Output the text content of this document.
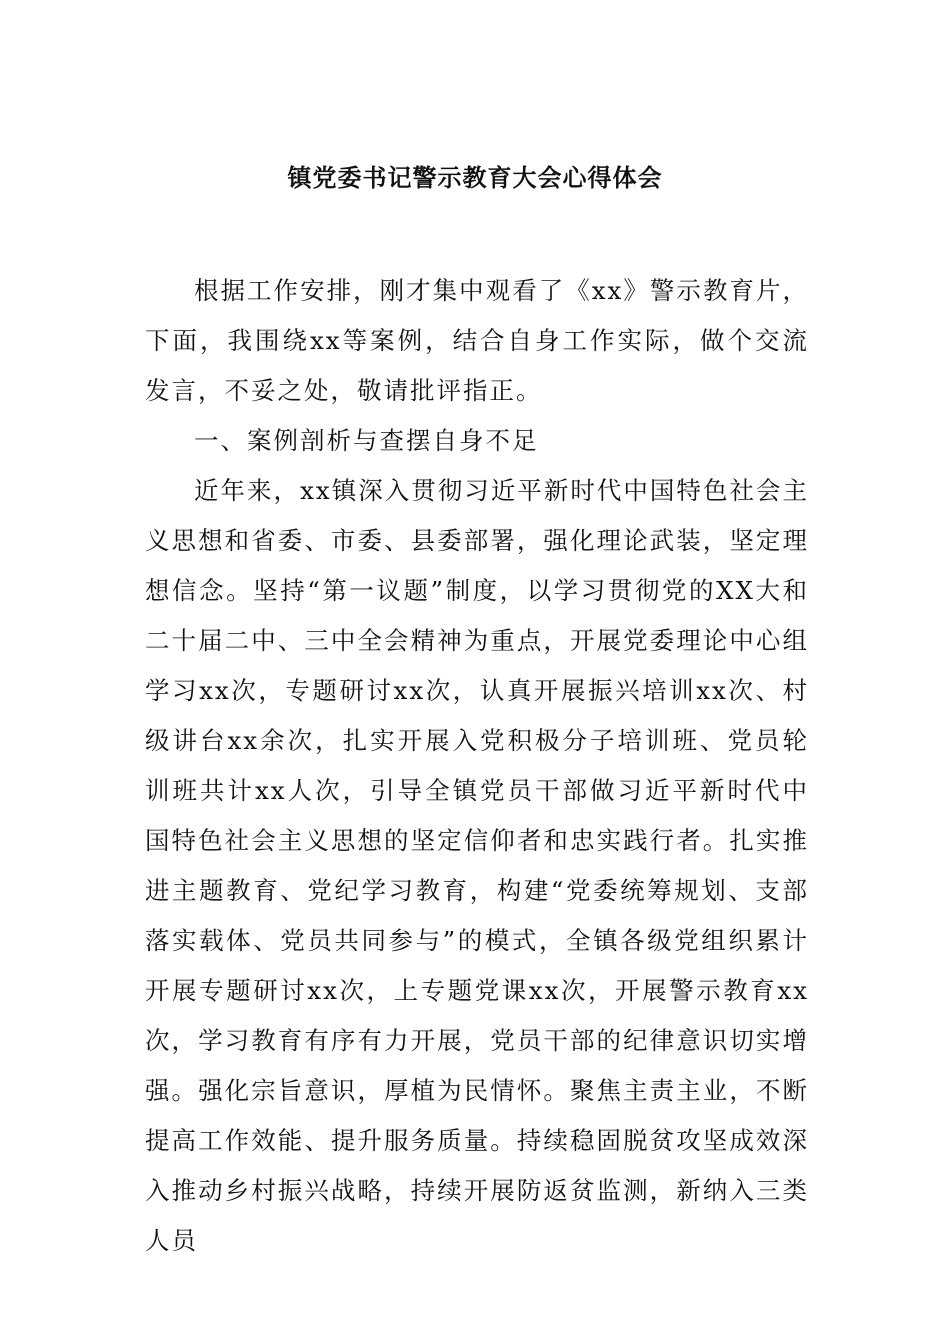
镇党委书记警示教育大会心得体会

根据工作安排，刚才集中观看了《xx》警示教育片，下面，我围绕xx等案例，结合自身工作实际，做个交流发言，不妥之处，敬请批评指正。

一、案例剖析与查摆自身不足

近年来，xx镇深入贯彻习近平新时代中国特色社会主义思想和省委、市委、县委部署，强化理论武装，坚定理想信念。坚持“第一议题”制度，以学习贯彻党的XX大和二十届二中、三中全会精神为重点，开展党委理论中心组学习xx次，专题研讨xx次，认真开展振兴培训xx次、村级讲台xx余次，扎实开展入党积极分子培训班、党员轮训班共计xx人次，引导全镇党员干部做习近平新时代中国特色社会主义思想的坚定信仰者和忠实践行者。扎实推进主题教育、党纪学习教育，构建“党委统筹规划、支部落实载体、党员共同参与”的模式，全镇各级党组织累计开展专题研讨xx次，上专题党课xx次，开展警示教育xx次，学习教育有序有力开展，党员干部的纪律意识切实增强。强化宗旨意识，厚植为民情怀。聚焦主责主业，不断提高工作效能、提升服务质量。持续稳固脱贫攻坚成效深入推动乡村振兴战略，持续开展防返贫监测，新纳入三类人员
